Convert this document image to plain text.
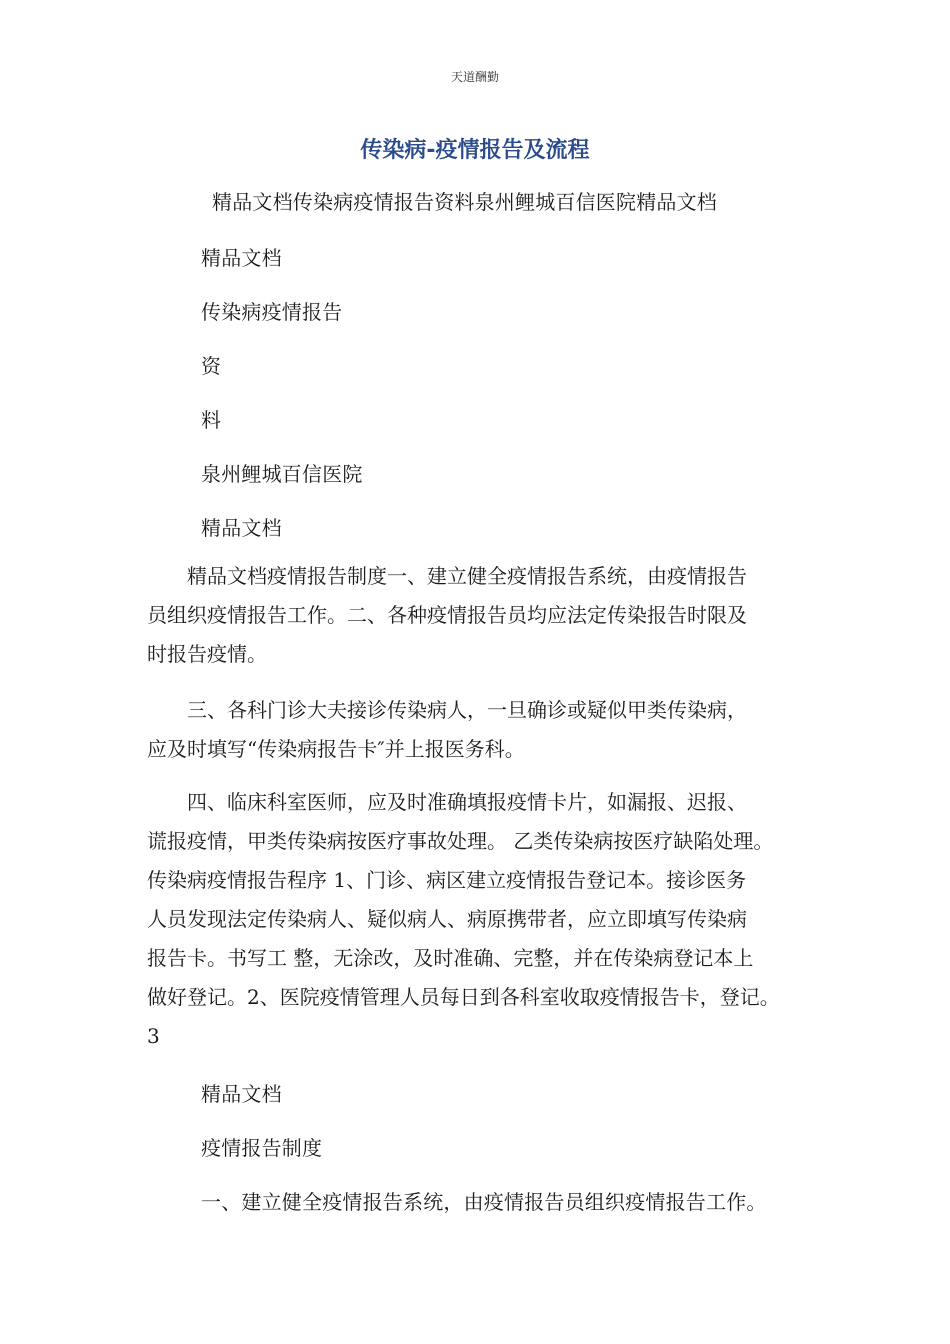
天道酬勤
传染病-疫情报告及流程
精品文档传染病疫情报告资料泉州鲤城百信医院精品文档
精品文档
传染病疫情报告
资
料
泉州鲤城百信医院
精品文档
　　精品文档疫情报告制度一、建立健全疫情报告系统，由疫情报告
员组织疫情报告工作。二、各种疫情报告员均应法定传染报告时限及
时报告疫情。
　　三、各科门诊大夫接诊传染病人，一旦确诊或疑似甲类传染病，
应及时填写“传染病报告卡″并上报医务科。
　　四、临床科室医师，应及时准确填报疫情卡片，如漏报、迟报、
谎报疫情，甲类传染病按医疗事故处理。 乙类传染病按医疗缺陷处理。
传染病疫情报告程序 1、门诊、病区建立疫情报告登记本。接诊医务
人员发现法定传染病人、疑似病人、病原携带者，应立即填写传染病
报告卡。书写工 整，无涂改，及时准确、完整，并在传染病登记本上
做好登记。2、医院疫情管理人员每日到各科室收取疫情报告卡，登记。
3
精品文档
疫情报告制度
一、建立健全疫情报告系统，由疫情报告员组织疫情报告工作。
